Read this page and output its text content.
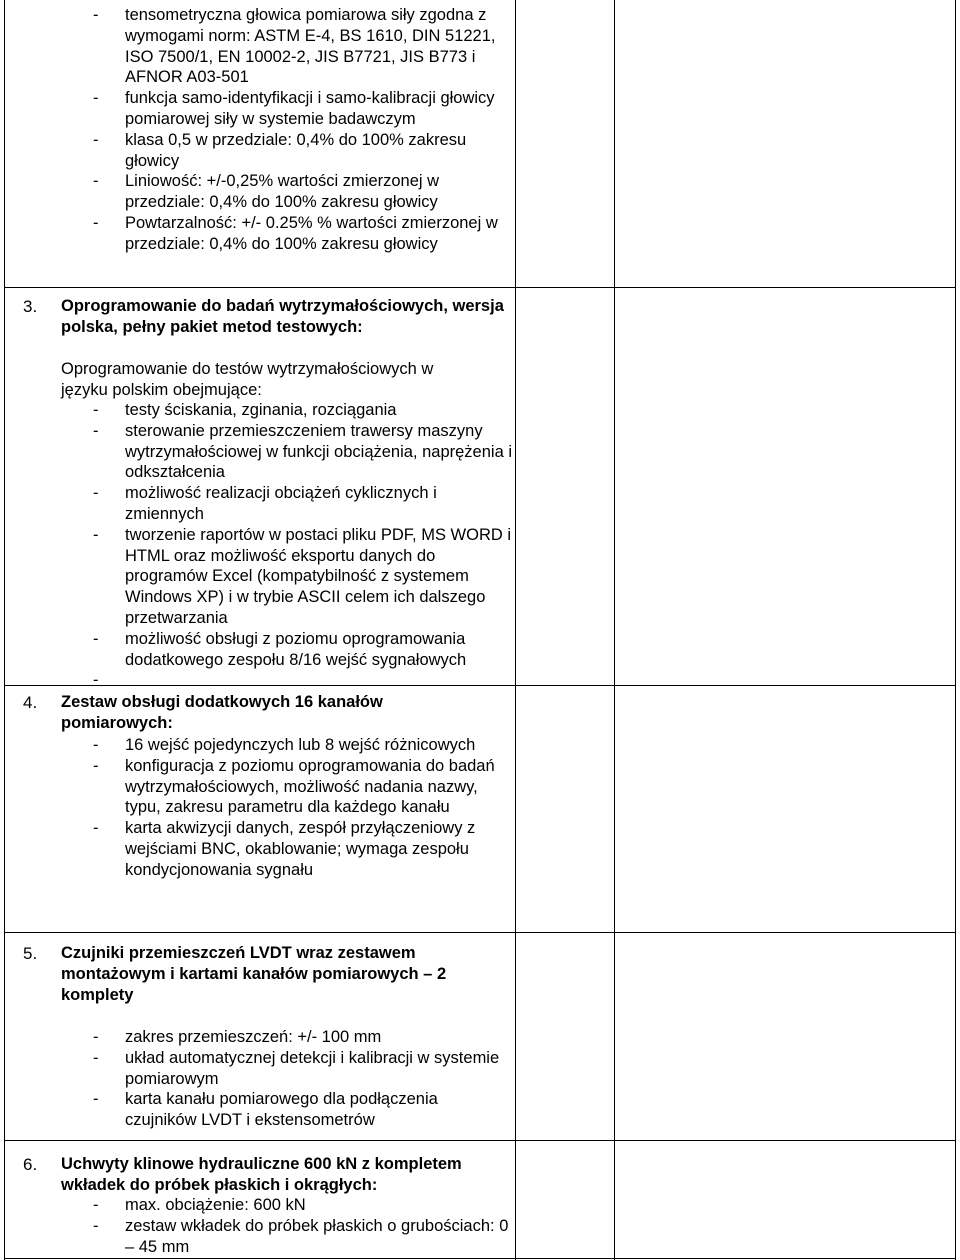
- tensometryczna głowica pomiarowa siły zgodna z wymogami norm: ASTM E-4, BS 1610, DIN 51221, ISO 7500/1, EN 10002-2, JIS B7721, JIS B773 i AFNOR A03-501
- funkcja samo-identyfikacji i samo-kalibracji głowicy pomiarowej siły w systemie badawczym
- klasa 0,5 w przedziale: 0,4% do 100% zakresu głowicy
- Liniowość: +/-0,25% wartości zmierzonej w przedziale: 0,4% do 100% zakresu głowicy
- Powtarzalność: +/- 0.25% % wartości zmierzonej w przedziale: 0,4% do 100% zakresu głowicy
3. Oprogramowanie do badań wytrzymałościowych, wersja polska, pełny pakiet metod testowych:
Oprogramowanie do testów wytrzymałościowych w języku polskim obejmujące:
- testy ściskania, zginania, rozciągania
- sterowanie przemieszczeniem trawersy maszyny wytrzymałościowej w funkcji obciążenia, naprężenia i odkształcenia
- możliwość realizacji obciążeń cyklicznych i zmiennych
- tworzenie raportów w postaci pliku PDF, MS WORD i HTML oraz możliwość eksportu danych do programów Excel (kompatybilność z systemem Windows XP) i w trybie ASCII celem ich dalszego przetwarzania
- możliwość obsługi z poziomu oprogramowania dodatkowego zespołu 8/16 wejść sygnałowych
-
4. Zestaw obsługi dodatkowych 16 kanałów pomiarowych:
- 16 wejść pojedynczych lub 8 wejść różnicowych
- konfiguracja z poziomu oprogramowania do badań wytrzymałościowych, możliwość nadania nazwy, typu, zakresu parametru dla każdego kanału
- karta akwizycji danych, zespół przyłączeniowy z wejściami BNC, okablowanie; wymaga zespołu kondycjonowania sygnału
5. Czujniki przemieszczeń LVDT wraz zestawem montażowym i kartami kanałów pomiarowych – 2 komplety
- zakres przemieszczeń: +/- 100 mm
- układ automatycznej detekcji i kalibracji w systemie pomiarowym
- karta kanału pomiarowego dla podłączenia czujników LVDT i ekstensometrów
6. Uchwyty klinowe hydrauliczne 600 kN z kompletem wkładek do próbek płaskich i okrągłych:
- max. obciążenie: 600 kN
- zestaw wkładek do próbek płaskich o grubościach: 0 – 45 mm
